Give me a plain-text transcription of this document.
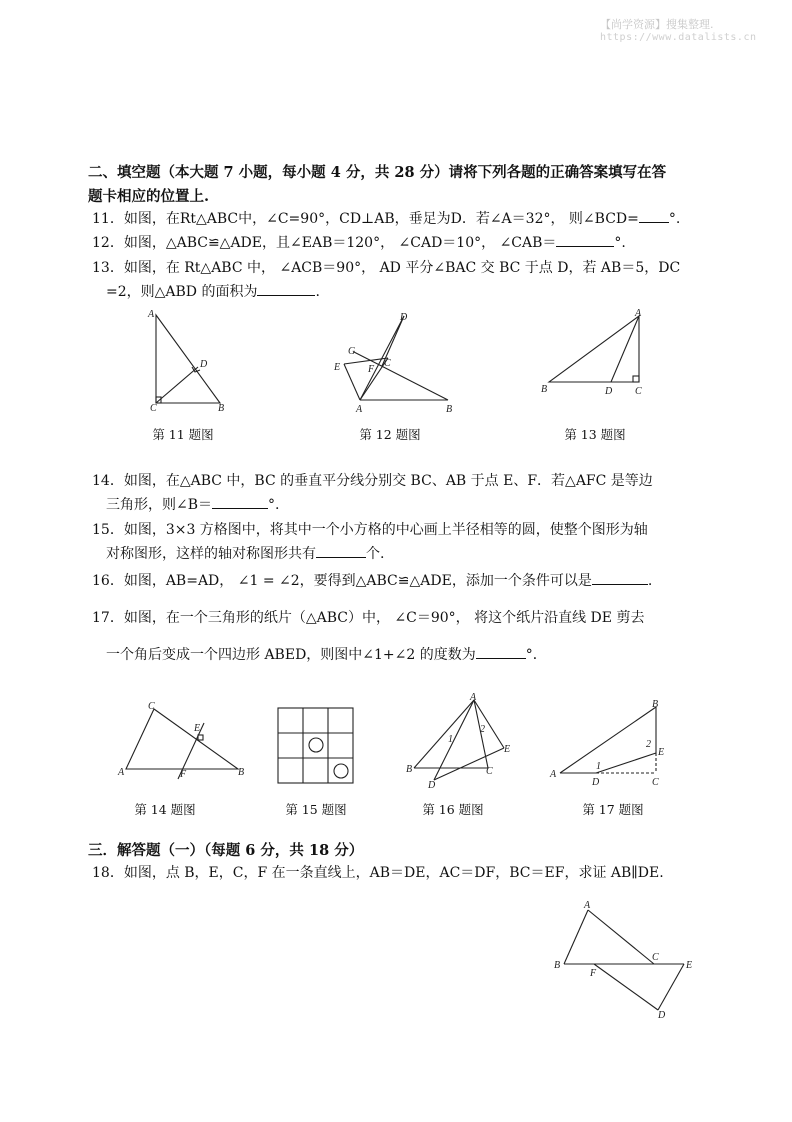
【尚学资源】搜集整理.
https://www.datalists.cn
二、填空题（本大题 7 小题，每小题 4 分，共 28 分）请将下列各题的正确答案填写在答
题卡相应的位置上.
11．如图，在Rt△ABC中，∠C=90°，CD⊥AB，垂足为D．若∠A＝32°， 则∠BCD= °.
12．如图，△ABC≌△ADE，且∠EAB＝120°， ∠CAD＝10°， ∠CAB＝	°.
13．如图，在 Rt△ABC 中， ∠ACB＝90°， AD 平分∠BAC 交 BC 于点 D，若 AB＝5，DC
=2，则△ABD 的面积为	.
A
D
C	B
D
G
C
E	F
A	B
A
B	D C
第 11 题图	第 12 题图	第 13 题图
14．如图，在△ABC 中，BC 的垂直平分线分别交 BC、AB 于点 E、F．若△AFC 是等边
三角形，则∠B＝	°.
15．如图，3×3 方格图中，将其中一个小方格的中心画上半径相等的圆，使整个图形为轴
对称图形，这样的轴对称图形共有	个.
16．如图，AB=AD， ∠1 = ∠2，要得到△ABC≌△ADE，添加一个条件可以是	.
17．如图，在一个三角形的纸片（△ABC）中， ∠C＝90°， 将这个纸片沿直线 DE 剪去
一个角后变成一个四边形 ABED，则图中∠1+∠2 的度数为	°．
C
E
A	F	B
A
1
2
E
B	C
D
B
2
E
A
1
D	C
第 14 题图	第 15 题图	第 16 题图	第 17 题图
三．解答题（一）（每题 6 分，共 18 分）
18．如图，点 B，E，C，F 在一条直线上，AB＝DE，AC＝DF，BC＝EF，求证 AB∥DE.
A
B
F
C
E
D
